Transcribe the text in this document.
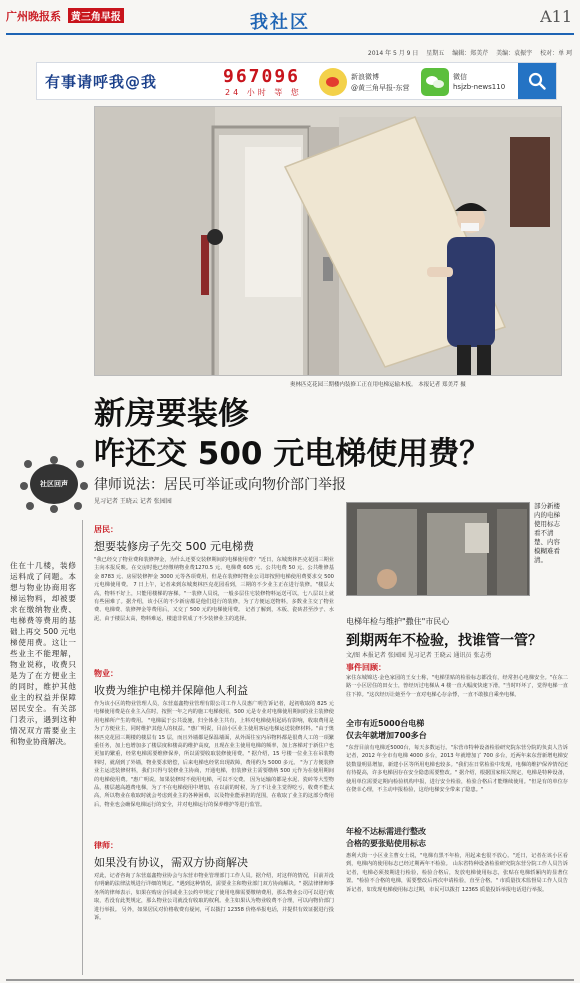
广州晚报系 黄三角早报	我社区	A11
2014 年 5 月 9 日 星期五 编辑：郑美芹 美编：袁振宇 校对：单 珂
有事请呼我@我	967096
24 小时 等 您
新浪微博
@黄三角早报-东营
微信
hsjzb-news110
奥林匹克花园三期楼内装修工正在用电梯运输木板。 本报记者 郑美芹 摄
社区回声
新房要装修
咋还交 500 元电梯使用费？
律师说法：居民可举证或向物价部门举报
见习记者 王晓云 记者 张园园
住在十几楼，装修运料成了问题。本想与物业协商用客梯运物料，却被要求在缴纳物业费、电梯费等费用的基础上再交 500 元电梯使用费。这让一些业主不能理解，物业说称，收费只是为了在方便业主的同时，维护其他业主的权益并保障居民安全。有关部门表示，遇到这种情况双方需要业主和物业协商解决。
居民：
想要装修房子先交 500 元电梯费
"我已经交了物业费和装修押金，为什么还要交装修期间的电梯使用费？"近日，东城奥林匹克花园三期业主向本报反映。在交房时他已经缴纳物业费1270.5 元、电梯费 605 元、公共电费 50 元、公共维修基金 8783 元、房屋装修押金 3000 元等各项费用，但是在装修时物业公司却按照电梯使用费要求交 500 元电梯使用费。 7 日上午，记者来到东城奥林匹克花园看到，三期的不少业主正在进行装修。"楼层太高，物料不好上，只能用楼梯的客梯。"一装修人员说，一般多层住宅装修物料运送可以，七八层以上就有些困难了。据介绍，该小区的不少新房都是他们进行的装修，为了方便运送物料，多数业主交了物业费、电梯费、装修押金等费用后，又交了 500 元的电梯使用费。 记者了解到，木板、瓷砖甚至沙子、水泥，由于楼层太高，物料难运，楼道非常成了不少装修业主的选择。
物业：
收费为维护电梯并保障他人利益
作为该小区的物业管理人员，东营嘉鑫物业管理有限公司工作人员惠广明告诉记者，起初收取的 825 元电梯使用费是在业主入住时，按照一年之内的施工电梯使用，500 元是专业对电梯使用期间的业主装修使用电梯所产生的费用。 "电梯属于公共设施，归全体业主共有，上料对电梯使用起码有影响，收取费用是为了方便业主，同时维护其他人的权益。"惠广明说，目前小区业主使用客运电梯运送装修材料。"由于奥林匹克花园三期楼的楼层有 15 层，而且外墙都是保温墙面，从外面往室内吊物料都是很费人工的一项繁重任务，加上也增加多了楼层度和楼高的维护高度，且现在业主使用电梯的频率，加上客梯对于新住户也更加的繁重，经常电梯需要维修保养，所以需要收取装修使用费。" 据介绍，15 号楼一位业主在吊装物料时，就刮到了外墙，物业要求赔偿，后来电梯也经常出现故障，费用约为 5000 多元。 "为了方便装修业主运送装修材料，我们只得与装修业主协商，开通电梯，但装修业主需要缴纳 500 元作为在使用期间的电梯使用费。"惠广明说，如果装修时不使用电梯，可以不交费。 因为运输的都是水泥、瓷砖等大型物品，楼层越高越费电梯，为了不在电梯使用中增加，在以前的时候，为了不让业主觉得吃亏，收费不能太高，所以物业在收取时就会考虑到业主的各种困难，以及物业能承担的范围，在收取了业主的这部分费用后，物业也会确保电梯运行的安全，并对电梯运行的保养维护等进行监管。
律师：
如果没有协议，需双方协商解决
对此，记者咨询了东营嘉鑫物业协会与东营市物业管理部门工作人员。据介绍，对这样的情况，目前并没有明确的法律法规进行详细的规定。"遇到这种情况，需要业主和物业部门双方协商解决。" 据法律律师事务所的律师表示，如果在购房合同或业主公约中规定了使用电梯需要缴纳费用，那么物业公司可以进行收取，若没有此类规定，那么物业公司就没有收取的权利。业主如果认为物业收费不合理，可以向物价部门进行举报。 另外，如果居民对价格收费有疑问，可以拨打 12358 价格举报电话，并提供有效证据进行投诉。
部分新楼内的电梯使用标志看不清楚、内容模糊难看清。
电梯年检与维护"撒住"市民心
到期两年不检验，找谁管一管？
文/图 本报记者 张园园 见习记者 王晓云 通讯员 张志勇
事件回顾：
家住东城锦达·金色家园的王女士称，"电梯里贴的检验标志都没有，经常担心电梯安全。"在东二路一小区居住的田女士，曾经历过电梯从 4 楼一直大幅度快速下滑，"当时吓坏了，觉得电梯一直往下掉。"这次经历让她至今一直对电梯心存余悸，一直不敢独自乘坐电梯。
全市有近5000台电梯
仅去年就增加700多台
"东营目前有电梯近5000台，每天多数运行。"东营市特种设备检验研究院东营分院的负责人告诉记者，2012 年全市有电梯 4000 多台，2013 年就增加了 700 多台，近两年来东营新增电梯安装数量明显增加，新建小区等所用电梯也较多。"我们在日常检验中发现，电梯的维护保养情况还有待提高，许多电梯因存在安全隐患需要整改。" 据介绍，根据国家相关规定，电梯是特种设备，使用单位需要定期向检验机构申报，进行安全检验，检验合格后才能继续使用。"但是有的单位存在侥幸心理，不主动申报检验，这给电梯安全带来了隐患。"
年检不达标需进行整改
合格的要张贴使用标志
惠利大街一小区业主曹女士说，"电梯有黑不年检，用起来也很不放心。"近日，记者在该小区看到，电梯内的使用标志已经过期两年不检验。 山东省特种设备检验研究院东营分院工作人员告诉记者，电梯必须按期进行检验，检验合格后，发放电梯使用标志，张贴在电梯轿厢内的显著位置。"检验不合格的电梯，需要整改后再次申请检验，直至合格。" 市质量技术监督局工作人员告诉记者，如发现电梯使用标志过期，市民可以拨打 12365 质量投诉举报电话进行举报。
